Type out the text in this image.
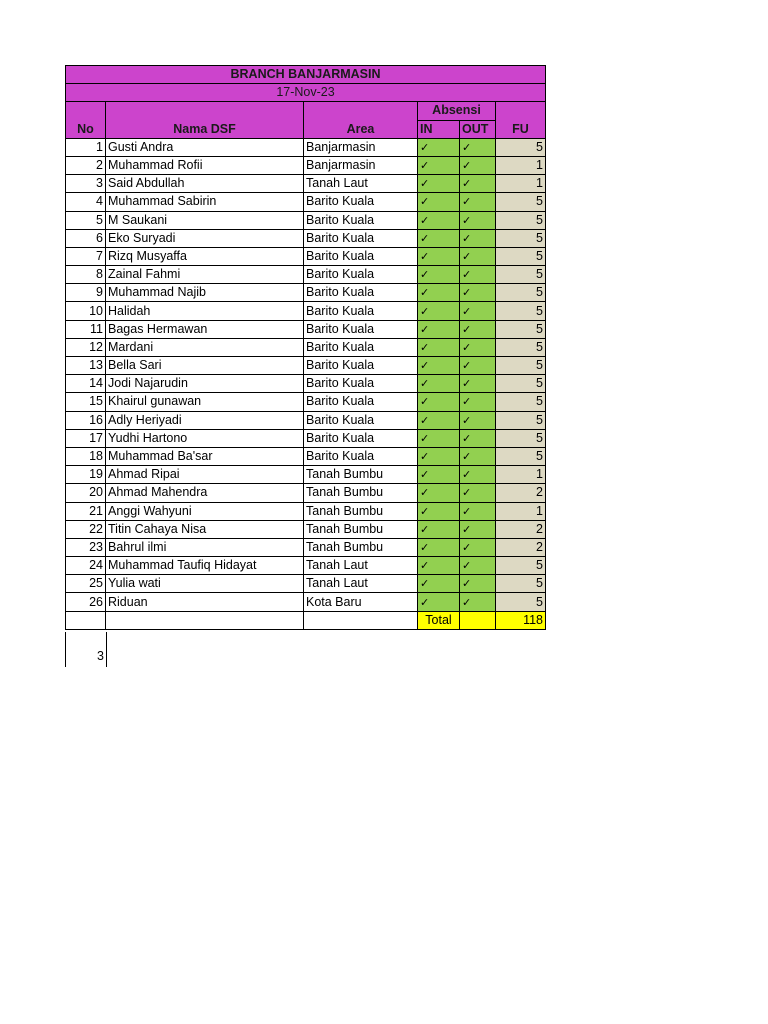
BRANCH BANJARMASIN					
17-Nov-23					
No	Nama DSF	Area	Absensi		FU
			IN	OUT	
1	Gusti Andra	Banjarmasin	✓	✓	5
2	Muhammad Rofii	Banjarmasin	✓	✓	1
3	Said Abdullah	Tanah Laut	✓	✓	1
4	Muhammad Sabirin	Barito Kuala	✓	✓	5
5	M Saukani	Barito Kuala	✓	✓	5
6	Eko Suryadi	Barito Kuala	✓	✓	5
7	Rizq Musyaffa	Barito Kuala	✓	✓	5
8	Zainal Fahmi	Barito Kuala	✓	✓	5
9	Muhammad Najib	Barito Kuala	✓	✓	5
10	Halidah	Barito Kuala	✓	✓	5
11	Bagas Hermawan	Barito Kuala	✓	✓	5
12	Mardani	Barito Kuala	✓	✓	5
13	Bella Sari	Barito Kuala	✓	✓	5
14	Jodi Najarudin	Barito Kuala	✓	✓	5
15	Khairul gunawan	Barito Kuala	✓	✓	5
16	Adly Heriyadi	Barito Kuala	✓	✓	5
17	Yudhi Hartono	Barito Kuala	✓	✓	5
18	Muhammad Ba'sar	Barito Kuala	✓	✓	5
19	Ahmad Ripai	Tanah Bumbu	✓	✓	1
20	Ahmad Mahendra	Tanah Bumbu	✓	✓	2
21	Anggi Wahyuni	Tanah Bumbu	✓	✓	1
22	Titin Cahaya Nisa	Tanah Bumbu	✓	✓	2
23	Bahrul ilmi	Tanah Bumbu	✓	✓	2
24	Muhammad Taufiq Hidayat	Tanah Laut	✓	✓	5
25	Yulia wati	Tanah Laut	✓	✓	5
26	Riduan	Kota Baru	✓	✓	5
			Total		118
3
